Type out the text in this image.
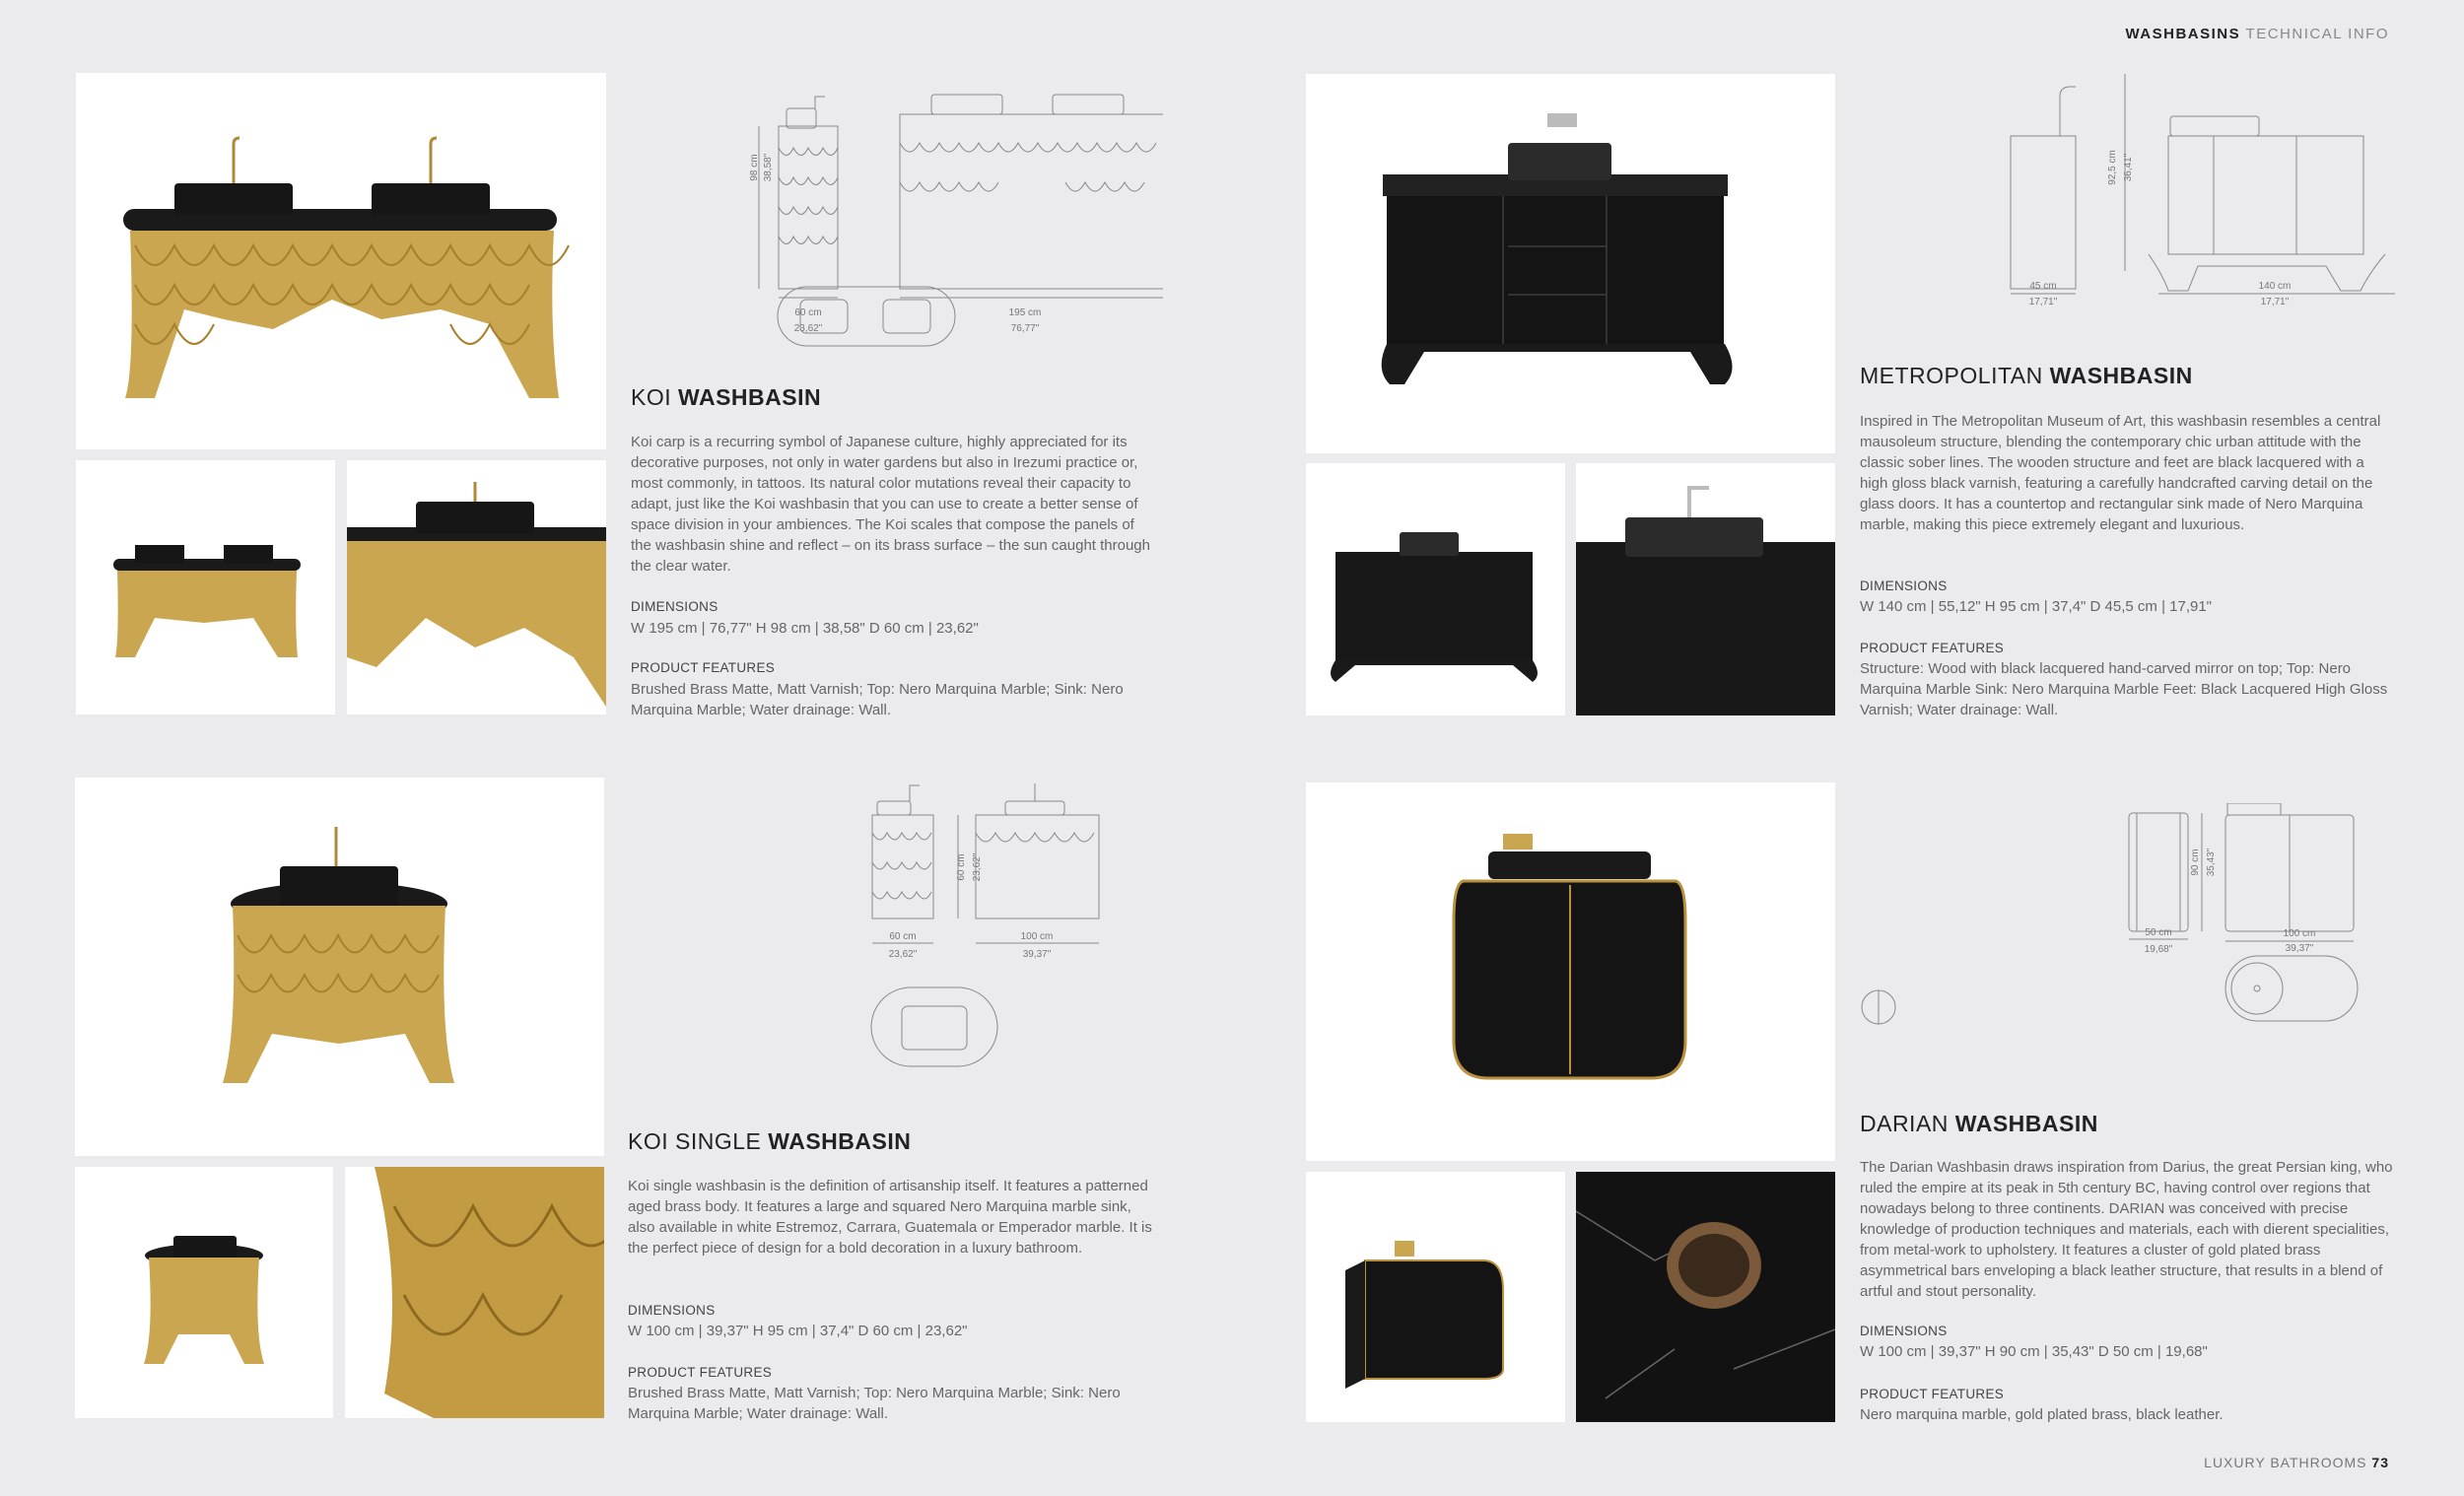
WASHBASINS TECHNICAL INFO
98 cm 38,58"
60 cm
23,62"
195 cm
76,77"
KOI WASHBASIN
Koi carp is a recurring symbol of Japanese culture, highly appreciated for its decorative purposes, not only in water gardens but also in Irezumi practice or, most commonly, in tattoos. Its natural color mutations reveal their capacity to adapt, just like the Koi washbasin that you can use to create a better sense of space division in your ambiences. The Koi scales that compose the panels of the washbasin shine and reflect – on its brass surface – the sun caught through the clear water.
DIMENSIONS
W 195 cm | 76,77" H 98 cm | 38,58" D 60 cm | 23,62"
PRODUCT FEATURES
Brushed Brass Matte, Matt Varnish; Top: Nero Marquina Marble; Sink: Nero Marquina Marble; Water drainage: Wall.
92,5 cm 36,41"
45 cm
17,71"
140 cm
17,71"
METROPOLITAN WASHBASIN
Inspired in The Metropolitan Museum of Art, this washbasin resembles a central mausoleum structure, blending the contemporary chic urban attitude with the classic sober lines. The wooden structure and feet are black lacquered with a high gloss black varnish, featuring a carefully handcrafted carving detail on the glass doors. It has a countertop and rectangular sink made of Nero Marquina marble, making this piece extremely elegant and luxurious.
DIMENSIONS
W 140 cm | 55,12" H 95 cm | 37,4" D 45,5 cm | 17,91"
PRODUCT FEATURES
Structure: Wood with black lacquered hand-carved mirror on top; Top: Nero Marquina Marble Sink: Nero Marquina Marble Feet: Black Lacquered High Gloss Varnish; Water drainage: Wall.
60 cm 23,62"
60 cm
23,62"
100 cm
39,37"
KOI SINGLE WASHBASIN
Koi single washbasin is the definition of artisanship itself. It features a patterned aged brass body. It features a large and squared Nero Marquina marble sink, also available in white Estremoz, Carrara, Guatemala or Emperador marble. It is the perfect piece of design for a bold decoration in a luxury bathroom.
DIMENSIONS
W 100 cm | 39,37" H 95 cm | 37,4" D 60 cm | 23,62"
PRODUCT FEATURES
Brushed Brass Matte, Matt Varnish; Top: Nero Marquina Marble; Sink: Nero Marquina Marble; Water drainage: Wall.
90 cm 35,43"
50 cm
19,68"
100 cm
39,37"
DARIAN WASHBASIN
The Darian Washbasin draws inspiration from Darius, the great Persian king, who ruled the empire at its peak in 5th century BC, having control over regions that nowadays belong to three continents. DARIAN was conceived with precise knowledge of production techniques and materials, each with dierent specialities, from metal-work to upholstery. It features a cluster of gold plated brass asymmetrical bars enveloping a black leather structure, that results in a blend of artful and stout personality.
DIMENSIONS
W 100 cm | 39,37" H 90 cm | 35,43" D 50 cm | 19,68"
PRODUCT FEATURES
Nero marquina marble, gold plated brass, black leather.
LUXURY BATHROOMS 73
